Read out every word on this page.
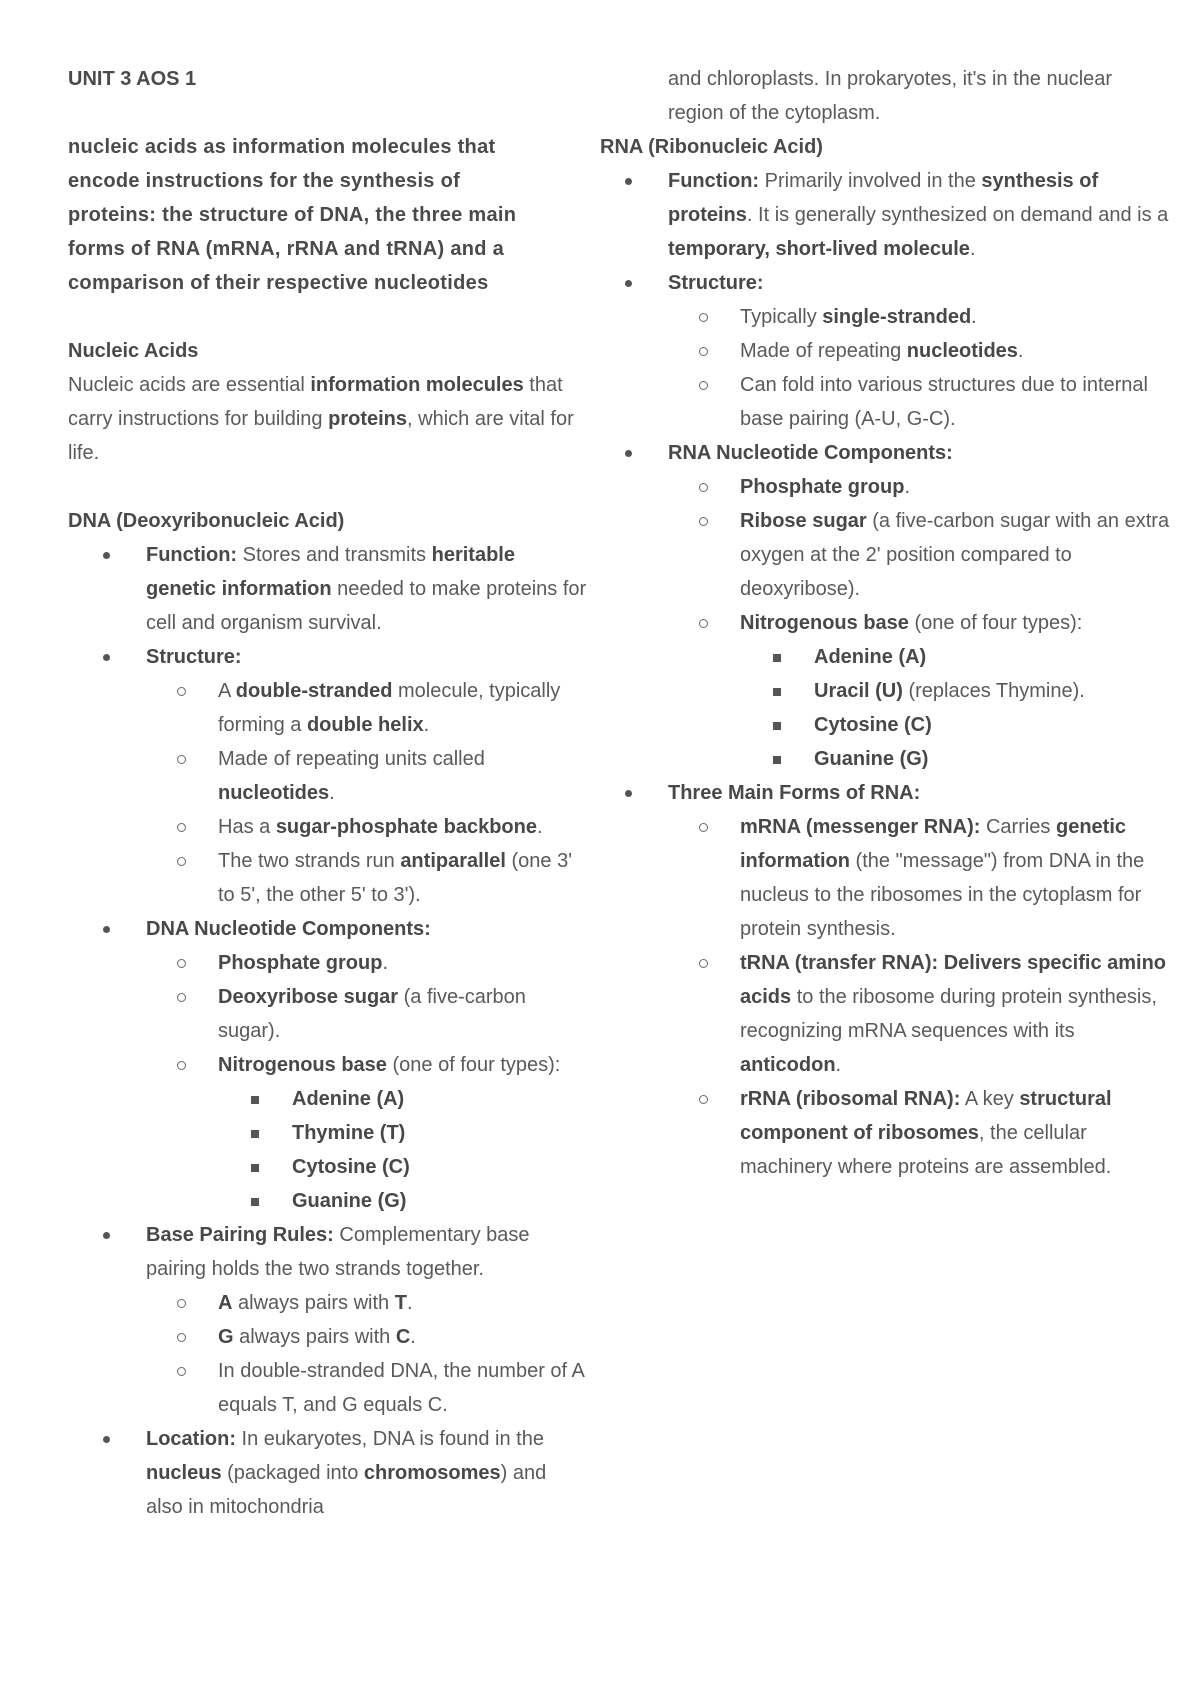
UNIT 3 AOS 1

nucleic acids as information molecules that

encode instructions for the synthesis of

proteins: the structure of DNA, the three main

forms of RNA (mRNA, rRNA and tRNA) and a

comparison of their respective nucleotides

Nucleic Acids

Nucleic acids are essential information molecules that carry instructions for building proteins, which are vital for life.

DNA (Deoxyribonucleic Acid)

Function: Stores and transmits heritable genetic information needed to make proteins for cell and organism survival.
Structure:
A double-stranded molecule, typically forming a double helix.
Made of repeating units called nucleotides.
Has a sugar-phosphate backbone.
The two strands run antiparallel (one 3' to 5', the other 5' to 3').
DNA Nucleotide Components:
Phosphate group.
Deoxyribose sugar (a five-carbon sugar).
Nitrogenous base (one of four types):
Adenine (A)
Thymine (T)
Cytosine (C)
Guanine (G)
Base Pairing Rules: Complementary base pairing holds the two strands together.
A always pairs with T.
G always pairs with C.
In double-stranded DNA, the number of A equals T, and G equals C.
Location: In eukaryotes, DNA is found in the nucleus (packaged into chromosomes) and also in mitochondria

and chloroplasts. In prokaryotes, it's in the nuclear region of the cytoplasm.

RNA (Ribonucleic Acid)

Function: Primarily involved in the synthesis of proteins. It is generally synthesized on demand and is a temporary, short-lived molecule.
Structure:
Typically single-stranded.
Made of repeating nucleotides.
Can fold into various structures due to internal base pairing (A-U, G-C).
RNA Nucleotide Components:
Phosphate group.
Ribose sugar (a five-carbon sugar with an extra oxygen at the 2' position compared to deoxyribose).
Nitrogenous base (one of four types):
Adenine (A)
Uracil (U) (replaces Thymine).
Cytosine (C)
Guanine (G)
Three Main Forms of RNA:
mRNA (messenger RNA): Carries genetic information (the "message") from DNA in the nucleus to the ribosomes in the cytoplasm for protein synthesis.
tRNA (transfer RNA): Delivers specific amino acids to the ribosome during protein synthesis, recognizing mRNA sequences with its anticodon.
rRNA (ribosomal RNA): A key structural component of ribosomes, the cellular machinery where proteins are assembled.
